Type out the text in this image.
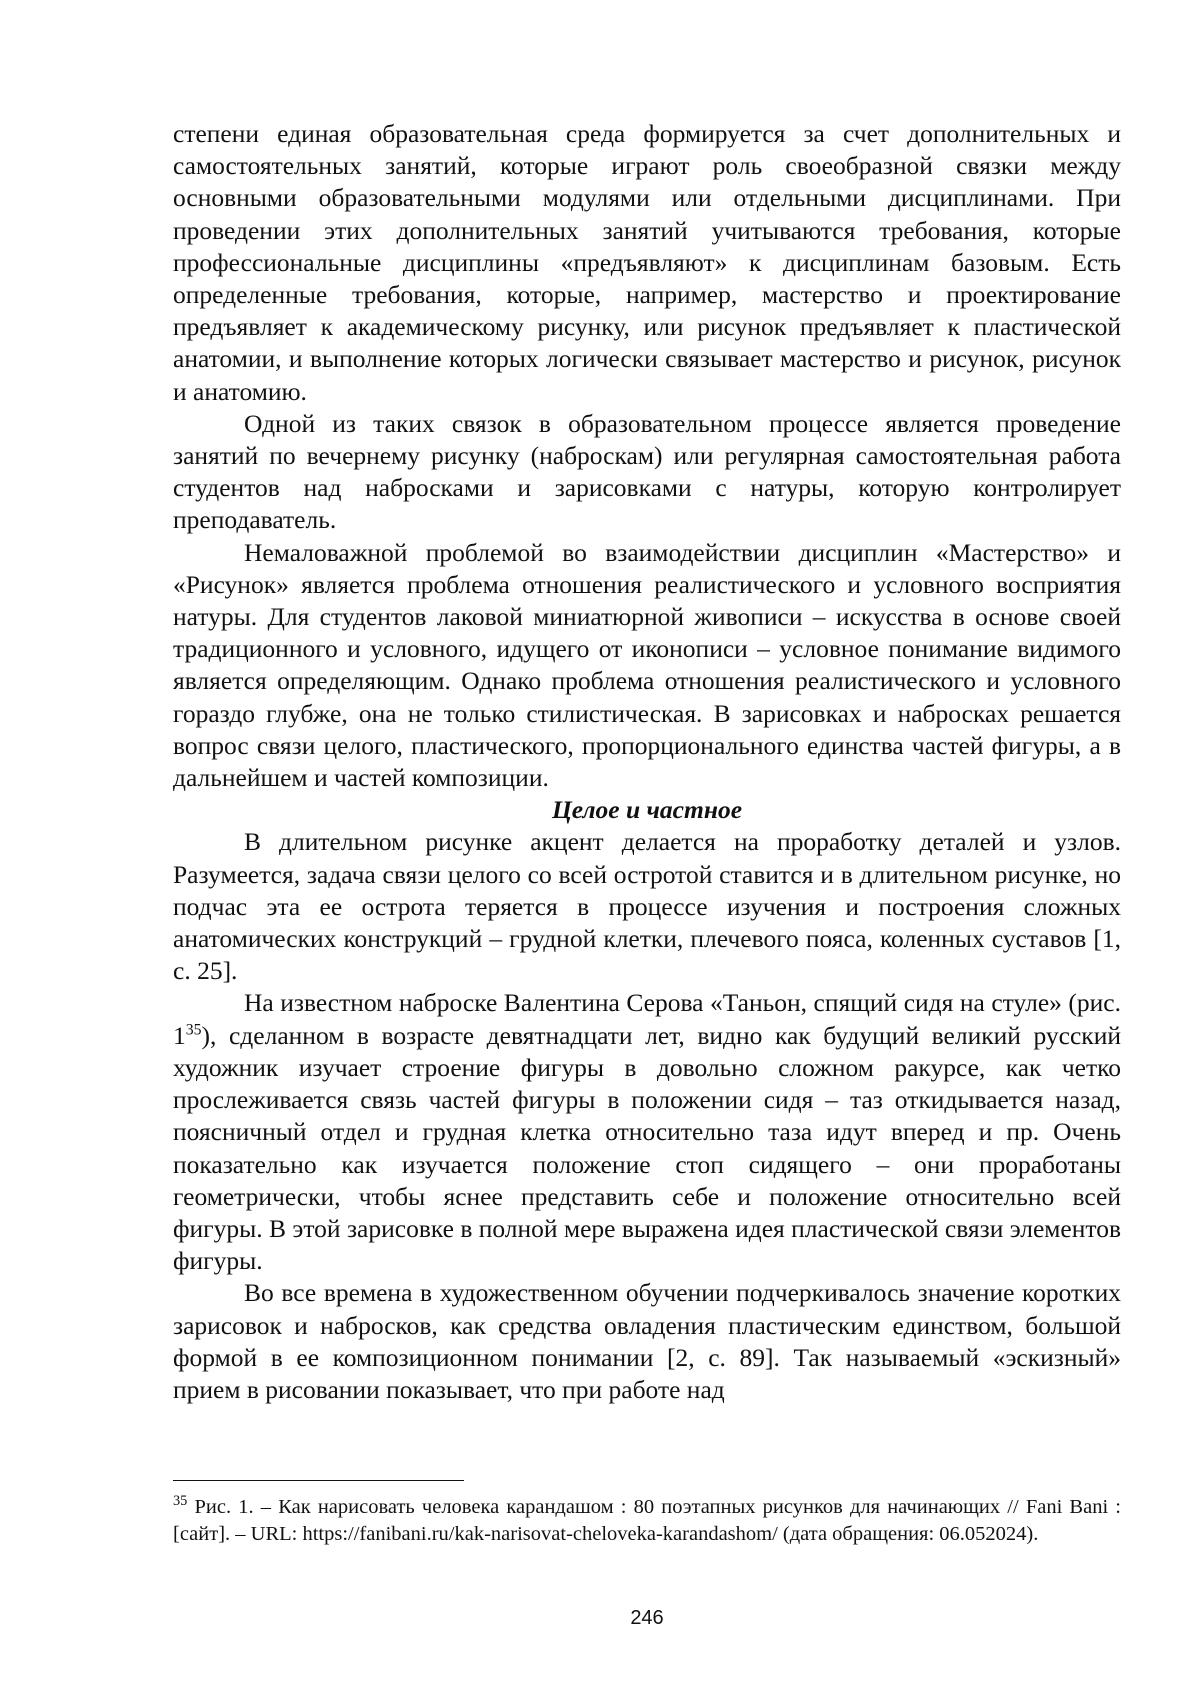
степени единая образовательная среда формируется за счет дополнительных и самостоятельных занятий, которые играют роль своеобразной связки между основными образовательными модулями или отдельными дисциплинами. При проведении этих дополнительных занятий учитываются требования, которые профессиональные дисциплины «предъявляют» к дисциплинам базовым. Есть определенные требования, которые, например, мастерство и проектирование предъявляет к академическому рисунку, или рисунок предъявляет к пластической анатомии, и выполнение которых логически связывает мастерство и рисунок, рисунок и анатомию.

Одной из таких связок в образовательном процессе является проведение занятий по вечернему рисунку (наброскам) или регулярная самостоятельная работа студентов над набросками и зарисовками с натуры, которую контролирует преподаватель.

Немаловажной проблемой во взаимодействии дисциплин «Мастерство» и «Рисунок» является проблема отношения реалистического и условного восприятия натуры. Для студентов лаковой миниатюрной живописи – искусства в основе своей традиционного и условного, идущего от иконописи – условное понимание видимого является определяющим. Однако проблема отношения реалистического и условного гораздо глубже, она не только стилистическая. В зарисовках и набросках решается вопрос связи целого, пластического, пропорционального единства частей фигуры, а в дальнейшем и частей композиции.

Целое и частное

В длительном рисунке акцент делается на проработку деталей и узлов. Разумеется, задача связи целого со всей остротой ставится и в длительном рисунке, но подчас эта ее острота теряется в процессе изучения и построения сложных анатомических конструкций – грудной клетки, плечевого пояса, коленных суставов [1, с. 25].

На известном наброске Валентина Серова «Таньон, спящий сидя на стуле» (рис. $1^{35}$), сделанном в возрасте девятнадцати лет, видно как будущий великий русский художник изучает строение фигуры в довольно сложном ракурсе, как четко прослеживается связь частей фигуры в положении сидя – таз откидывается назад, поясничный отдел и грудная клетка относительно таза идут вперед и пр. Очень показательно как изучается положение стоп сидящего – они проработаны геометрически, чтобы яснее представить себе и положение относительно всей фигуры. В этой зарисовке в полной мере выражена идея пластической связи элементов фигуры.

Во все времена в художественном обучении подчеркивалось значение коротких зарисовок и набросков, как средства овладения пластическим единством, большой формой в ее композиционном понимании [2, с. 89]. Так называемый «эскизный» прием в рисовании показывает, что при работе над

$^{35}$ Рис. 1. – Как нарисовать человека карандашом : 80 поэтапных рисунков для начинающих // Fani Bani : [сайт]. – URL: https://fanibani.ru/kak-narisovat-cheloveka-karandashom/ (дата обращения: 06.052024).

246
